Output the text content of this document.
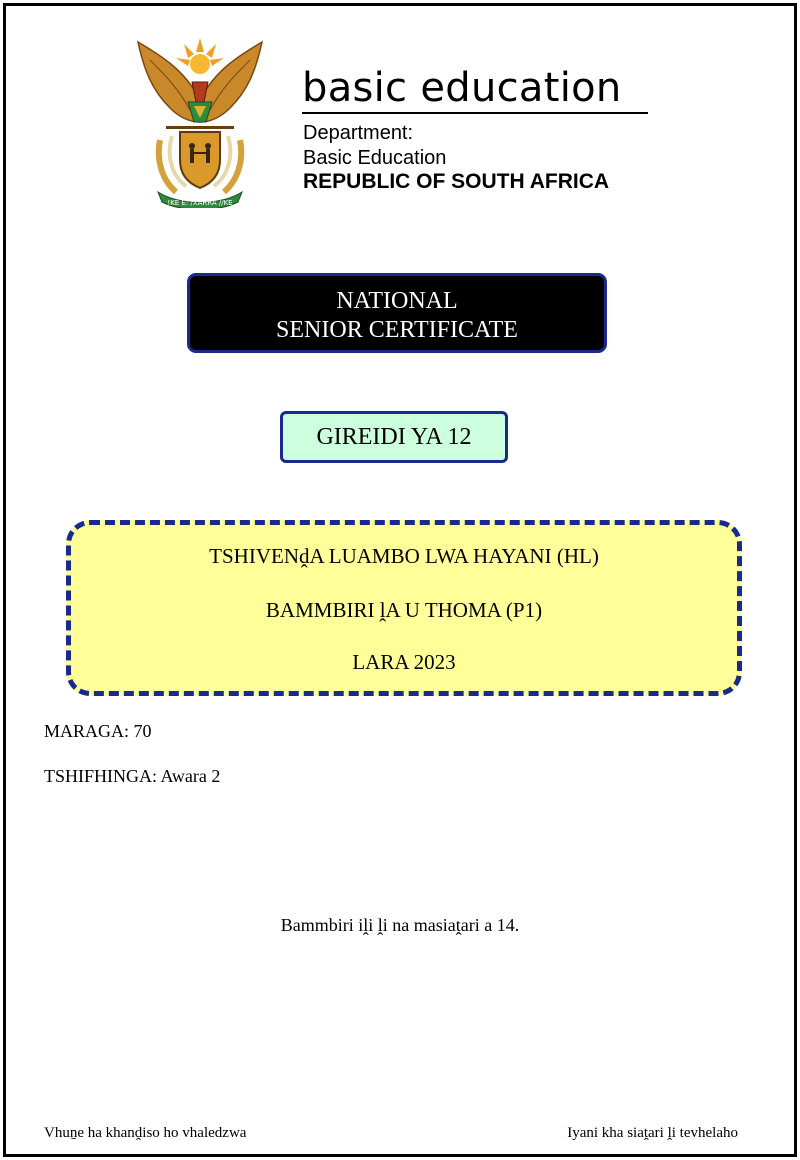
!KE E: /XARRA //KE
basic education
Department:
Basic Education
REPUBLIC OF SOUTH AFRICA
NATIONAL
SENIOR CERTIFICATE
GIREIDI YA 12
TSHIVENḓA LUAMBO LWA HAYANI (HL)
BAMMBIRI ḽA U THOMA (P1)
LARA 2023
MARAGA: 70
TSHIFHINGA: Awara 2
Bammbiri iḽi ḽi na masiaṱari a 14.
Vhuṉe ha khanḓiso ho vhaledzwa	Iyani kha siaṱari ḽi tevhelaho
